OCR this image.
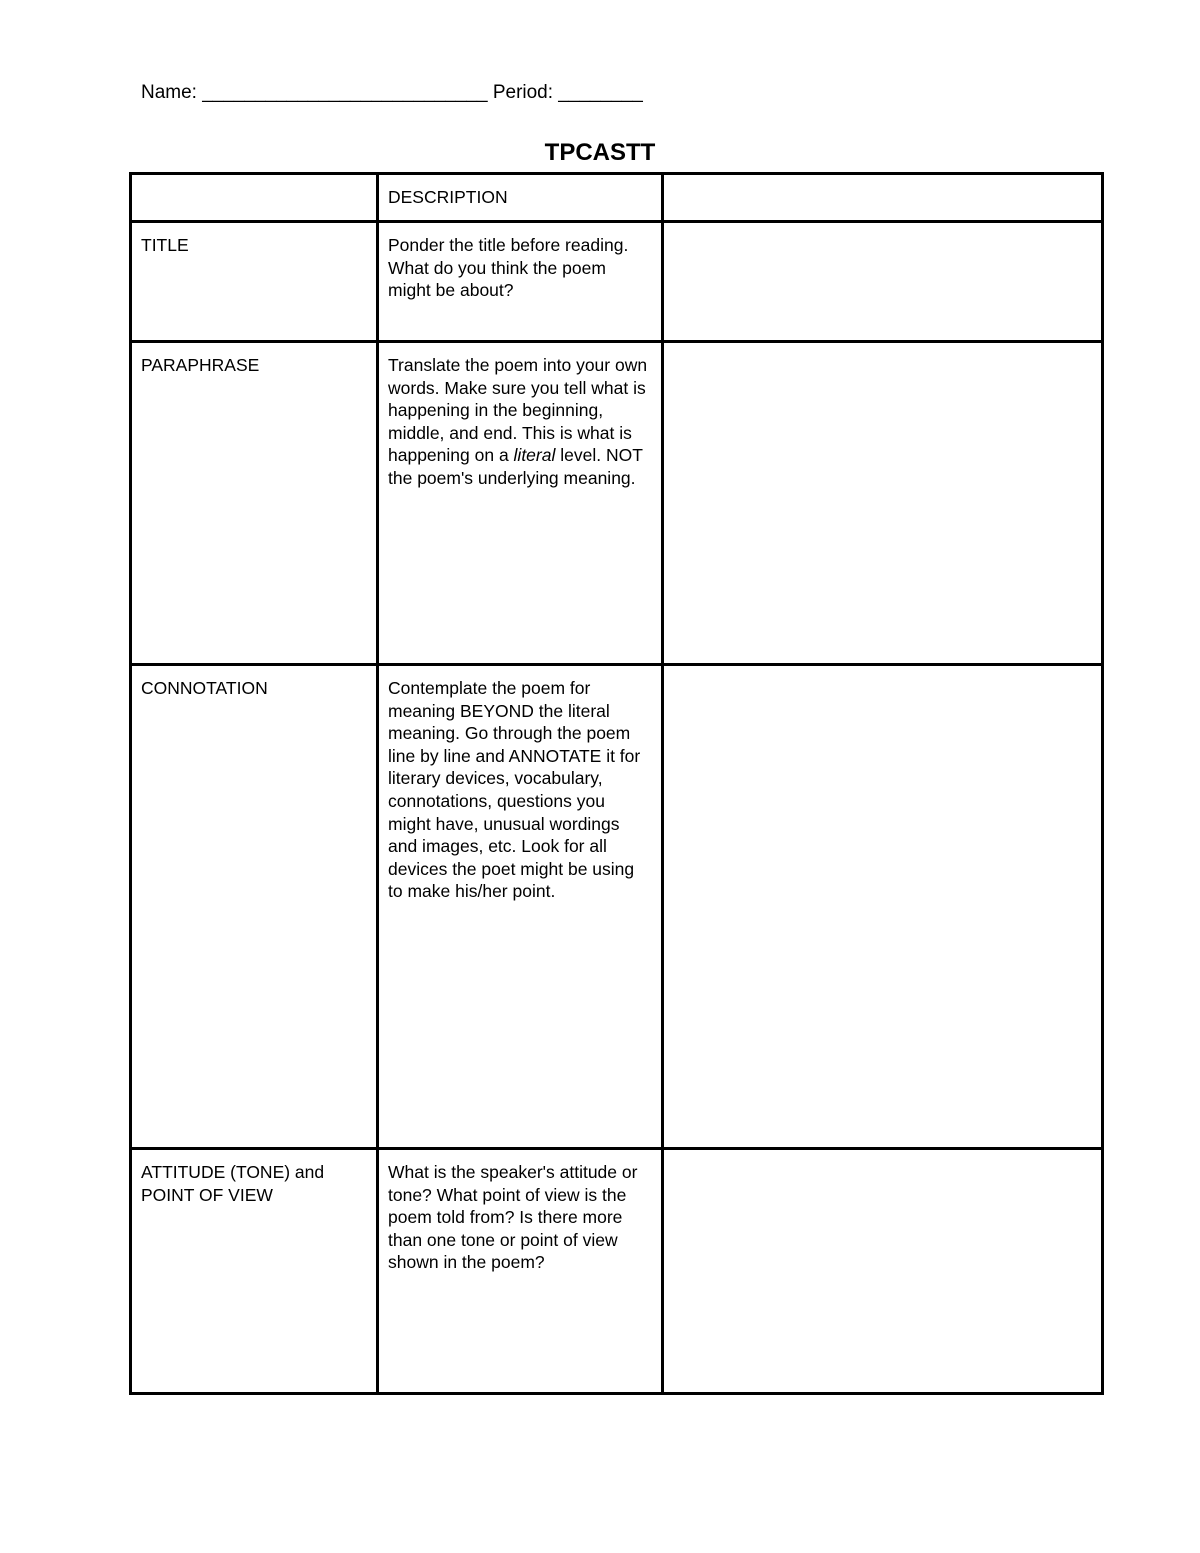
Name: ___________________________ Period: ________
TPCASTT
	DESCRIPTION	
TITLE	Ponder the title before reading. What do you think the poem might be about?	
PARAPHRASE	Translate the poem into your own words. Make sure you tell what is happening in the beginning, middle, and end. This is what is happening on a literal level. NOT the poem's underlying meaning.	
CONNOTATION	Contemplate the poem for meaning BEYOND the literal meaning. Go through the poem line by line and ANNOTATE it for literary devices, vocabulary, connotations, questions you might have, unusual wordings and images, etc. Look for all devices the poet might be using to make his/her point.	
ATTITUDE (TONE) and POINT OF VIEW	What is the speaker's attitude or tone? What point of view is the poem told from? Is there more than one tone or point of view shown in the poem?	
